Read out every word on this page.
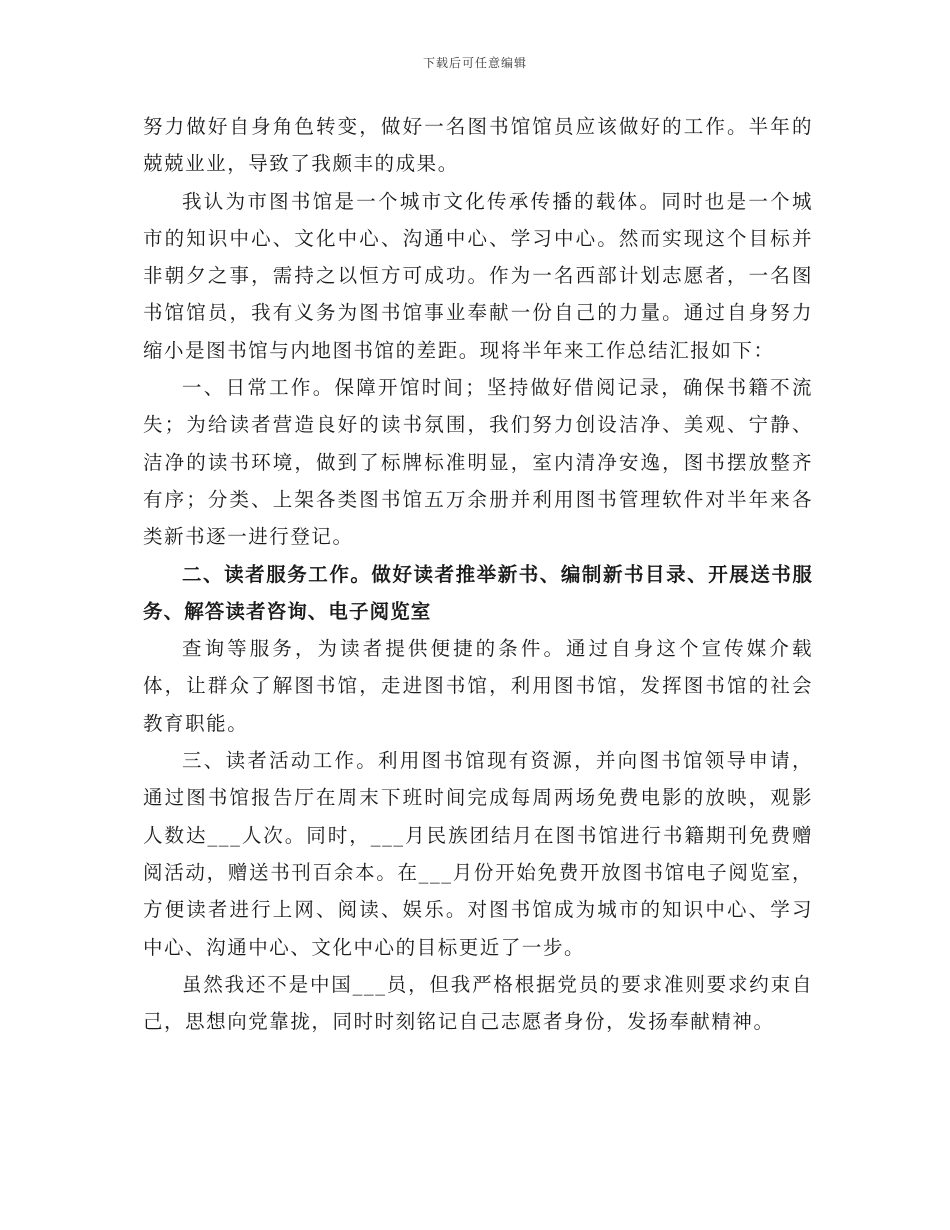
下载后可任意编辑

努力做好自身角色转变，做好一名图书馆馆员应该做好的工作。半年的兢兢业业，导致了我颇丰的成果。

我认为市图书馆是一个城市文化传承传播的载体。同时也是一个城市的知识中心、文化中心、沟通中心、学习中心。然而实现这个目标并非朝夕之事，需持之以恒方可成功。作为一名西部计划志愿者，一名图书馆馆员，我有义务为图书馆事业奉献一份自己的力量。通过自身努力缩小是图书馆与内地图书馆的差距。现将半年来工作总结汇报如下：

一、日常工作。保障开馆时间；坚持做好借阅记录，确保书籍不流失；为给读者营造良好的读书氛围，我们努力创设洁净、美观、宁静、洁净的读书环境，做到了标牌标准明显，室内清净安逸，图书摆放整齐有序；分类、上架各类图书馆五万余册并利用图书管理软件对半年来各类新书逐一进行登记。

二、读者服务工作。做好读者推举新书、编制新书目录、开展送书服务、解答读者咨询、电子阅览室

查询等服务，为读者提供便捷的条件。通过自身这个宣传媒介载体，让群众了解图书馆，走进图书馆，利用图书馆，发挥图书馆的社会教育职能。

三、读者活动工作。利用图书馆现有资源，并向图书馆领导申请，通过图书馆报告厅在周末下班时间完成每周两场免费电影的放映，观影人数达___人次。同时，___月民族团结月在图书馆进行书籍期刊免费赠阅活动，赠送书刊百余本。在___月份开始免费开放图书馆电子阅览室，方便读者进行上网、阅读、娱乐。对图书馆成为城市的知识中心、学习中心、沟通中心、文化中心的目标更近了一步。

虽然我还不是中国___员，但我严格根据党员的要求准则要求约束自己，思想向党靠拢，同时时刻铭记自己志愿者身份，发扬奉献精神。
